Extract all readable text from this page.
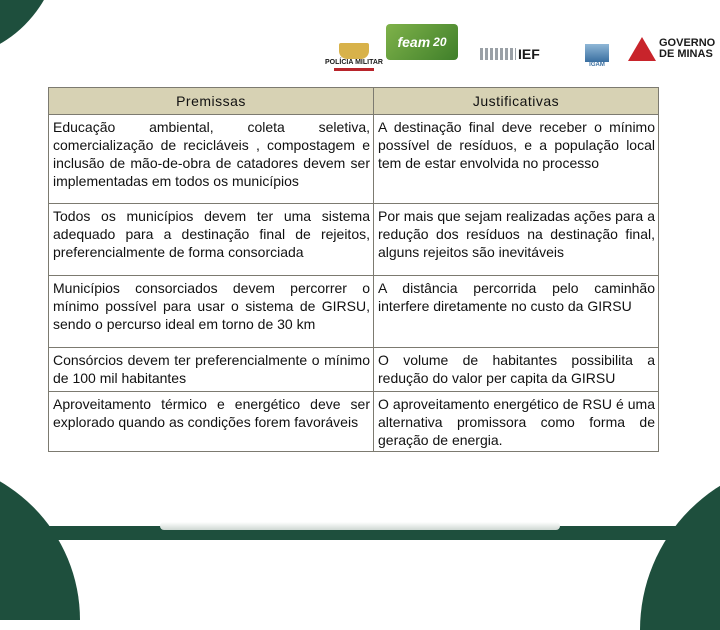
POLÍCIA MILITAR
feam 20
IEF
IGAM
GOVERNO
DE MINAS
Premissas	Justificativas
Educação ambiental, coleta seletiva, comercialização de recicláveis , compostagem e inclusão de mão-de-obra de catadores devem ser implementadas em todos os municípios	A destinação final deve receber o mínimo possível de resíduos, e a população local tem de estar envolvida no processo
Todos os municípios devem ter uma sistema adequado para a destinação final de rejeitos, preferencialmente de forma consorciada	Por mais que sejam realizadas ações para a redução dos resíduos na destinação final, alguns rejeitos são inevitáveis
Municípios consorciados devem percorrer o mínimo possível para usar o sistema de GIRSU, sendo o percurso ideal em torno de 30 km	A distância percorrida pelo caminhão interfere diretamente no custo da GIRSU
Consórcios devem ter preferencialmente o mínimo de 100 mil habitantes	O volume de habitantes possibilita a redução do valor per capita da GIRSU
Aproveitamento térmico e energético deve ser explorado quando as condições forem favoráveis	O aproveitamento energético de RSU é uma alternativa promissora como forma de geração de energia.
